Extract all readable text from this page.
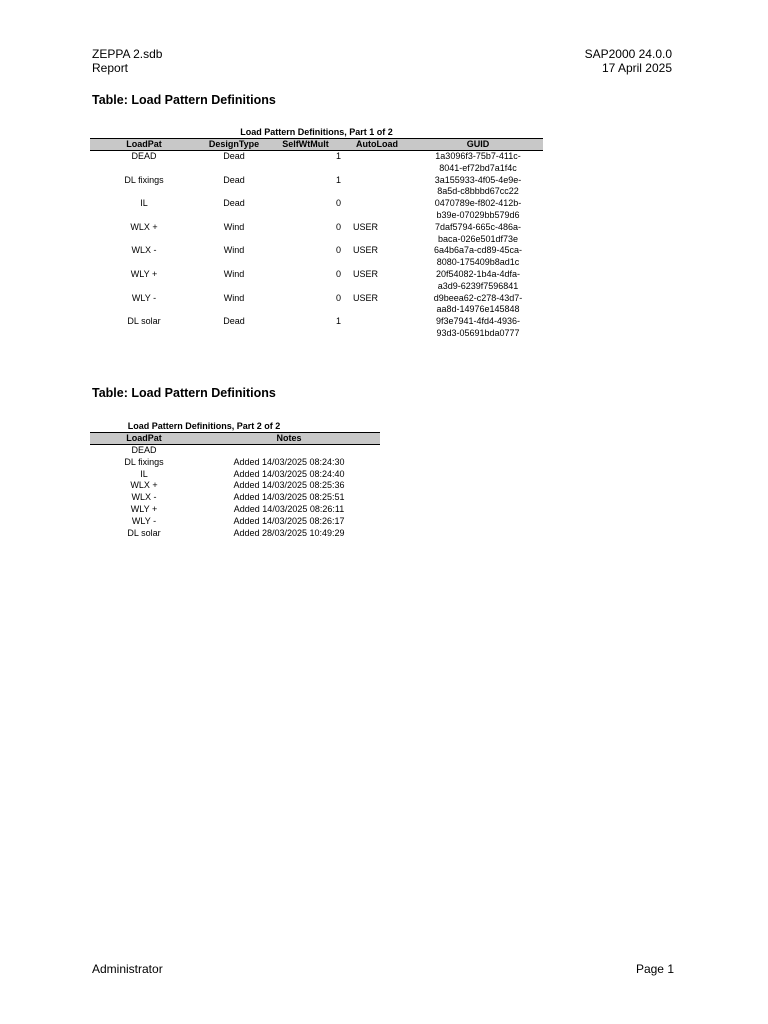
ZEPPA 2.sdb
Report
SAP2000 24.0.0
17 April 2025
Table: Load Pattern Definitions
Load Pattern Definitions, Part 1 of 2
LoadPat	DesignType	SelfWtMult	AutoLoad	GUID
DEAD	Dead	1		1a3096f3-75b7-411c-
8041-ef72bd7a1f4c

DL fixings	Dead	1		3a155933-4f05-4e9e-
8a5d-c8bbbd67cc22

IL	Dead	0		0470789e-f802-412b-
b39e-07029bb579d6

WLX +	Wind	0	USER	7daf5794-665c-486a-
baca-026e501df73e

WLX -	Wind	0	USER	6a4b6a7a-cd89-45ca-
8080-175409b8ad1c

WLY +	Wind	0	USER	20f54082-1b4a-4dfa-
a3d9-6239f7596841

WLY -	Wind	0	USER	d9beea62-c278-43d7-
aa8d-14976e145848

DL solar	Dead	1		9f3e7941-4fd4-4936-
93d3-05691bda0777
Table: Load Pattern Definitions
Load Pattern Definitions, Part 2 of 2
LoadPat	Notes
DEAD	
DL fixings	Added 14/03/2025 08:24:30
IL	Added 14/03/2025 08:24:40
WLX +	Added 14/03/2025 08:25:36
WLX -	Added 14/03/2025 08:25:51
WLY +	Added 14/03/2025 08:26:11
WLY -	Added 14/03/2025 08:26:17
DL solar	Added 28/03/2025 10:49:29
Administrator	Page 1
